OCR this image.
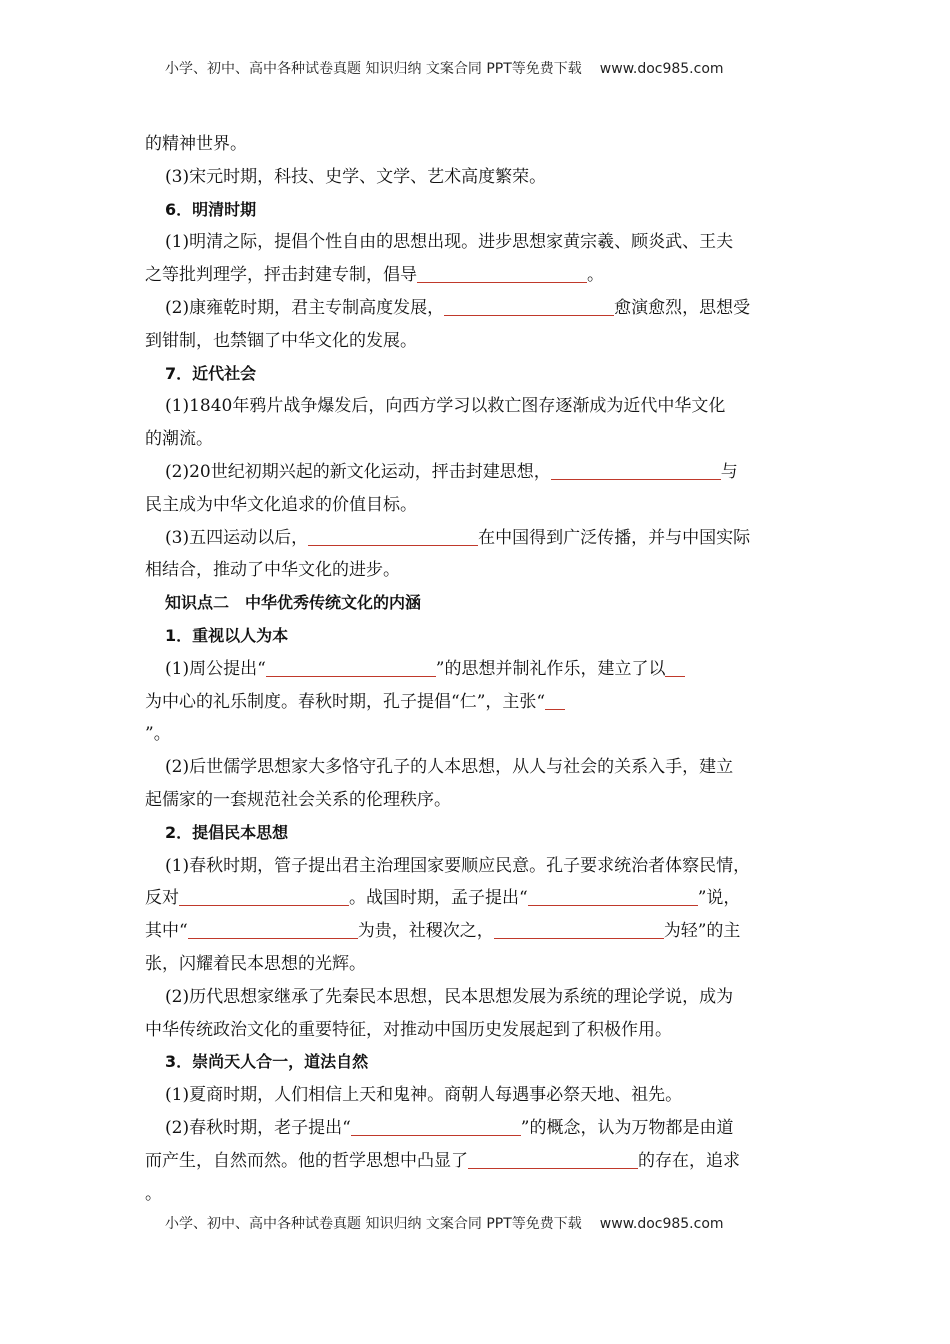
小学、初中、高中各种试卷真题 知识归纳 文案合同 PPT等免费下载 www.doc985.com

的精神世界。

(3)宋元时期，科技、史学、文学、艺术高度繁荣。

6．明清时期

(1)明清之际，提倡个性自由的思想出现。进步思想家黄宗羲、顾炎武、王夫

之等批判理学，抨击封建专制，倡导	。

(2)康雍乾时期，君主专制高度发展，	愈演愈烈，思想受

到钳制，也禁锢了中华文化的发展。

7．近代社会

(1)1840年鸦片战争爆发后，向西方学习以救亡图存逐渐成为近代中华文化

的潮流。

(2)20世纪初期兴起的新文化运动，抨击封建思想，	与

民主成为中华文化追求的价值目标。

(3)五四运动以后，	在中国得到广泛传播，并与中国实际

相结合，推动了中华文化的进步。

知识点二　中华优秀传统文化的内涵

1．重视以人为本

(1)周公提出“	”的思想并制礼作乐，建立了以

为中心的礼乐制度。春秋时期，孔子提倡“仁”，主张“

”。

(2)后世儒学思想家大多恪守孔子的人本思想，从人与社会的关系入手，建立

起儒家的一套规范社会关系的伦理秩序。

2．提倡民本思想

(1)春秋时期，管子提出君主治理国家要顺应民意。孔子要求统治者体察民情，

反对	。战国时期，孟子提出“	”说，

其中“	为贵，社稷次之，	为轻”的主

张，闪耀着民本思想的光辉。

(2)历代思想家继承了先秦民本思想，民本思想发展为系统的理论学说，成为

中华传统政治文化的重要特征，对推动中国历史发展起到了积极作用。

3．崇尚天人合一，道法自然

(1)夏商时期，人们相信上天和鬼神。商朝人每遇事必祭天地、祖先。

(2)春秋时期，老子提出“	”的概念，认为万物都是由道

而产生，自然而然。他的哲学思想中凸显了	的存在，追求

。

小学、初中、高中各种试卷真题 知识归纳 文案合同 PPT等免费下载 www.doc985.com
